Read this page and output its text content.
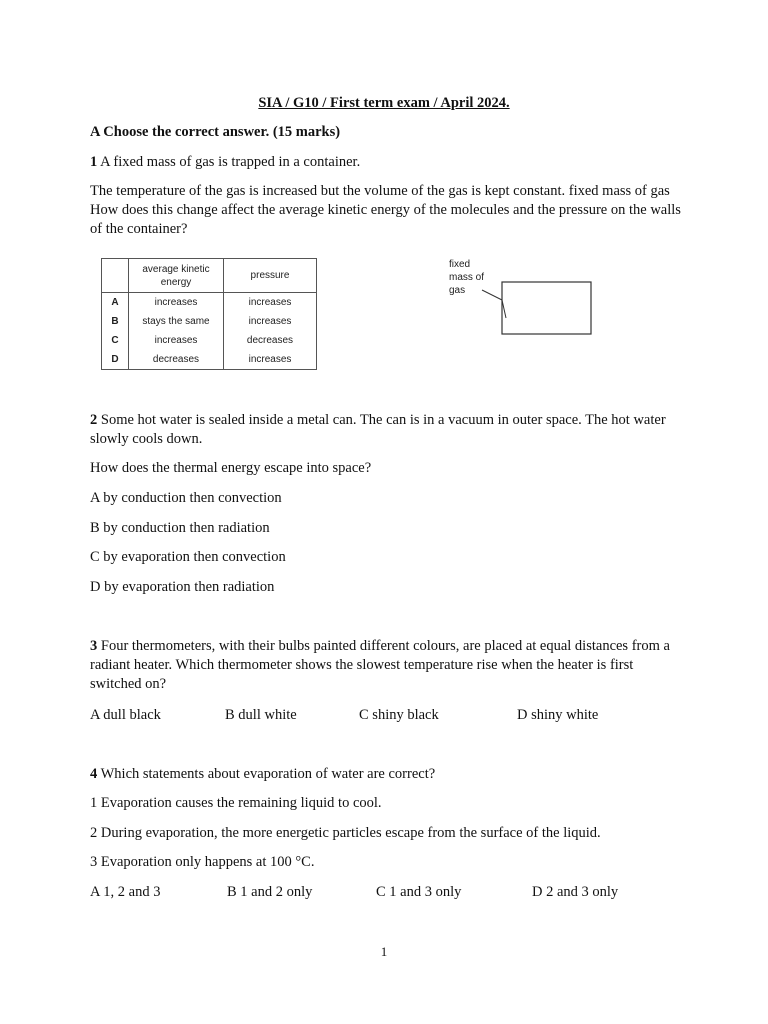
SIA / G10 / First term exam / April 2024.
A Choose the correct answer. (15 marks)
1 A fixed mass of gas is trapped in a container.
The temperature of the gas is increased but the volume of the gas is kept constant. fixed mass of gas How does this change affect the average kinetic energy of the molecules and the pressure on the walls of the container?
	average kinetic energy	pressure
A	increases	increases
B	stays the same	increases
C	increases	decreases
D	decreases	increases
fixed mass of gas
2 Some hot water is sealed inside a metal can. The can is in a vacuum in outer space. The hot water slowly cools down.
How does the thermal energy escape into space?
A by conduction then convection
B by conduction then radiation
C by evaporation then convection
D by evaporation then radiation
3 Four thermometers, with their bulbs painted different colours, are placed at equal distances from a radiant heater. Which thermometer shows the slowest temperature rise when the heater is first switched on?
A dull black	B dull white	C shiny black	D shiny white
4 Which statements about evaporation of water are correct?
1 Evaporation causes the remaining liquid to cool.
2 During evaporation, the more energetic particles escape from the surface of the liquid.
3 Evaporation only happens at 100 °C.
A 1, 2 and 3	B 1 and 2 only	C 1 and 3 only	D 2 and 3 only
1
